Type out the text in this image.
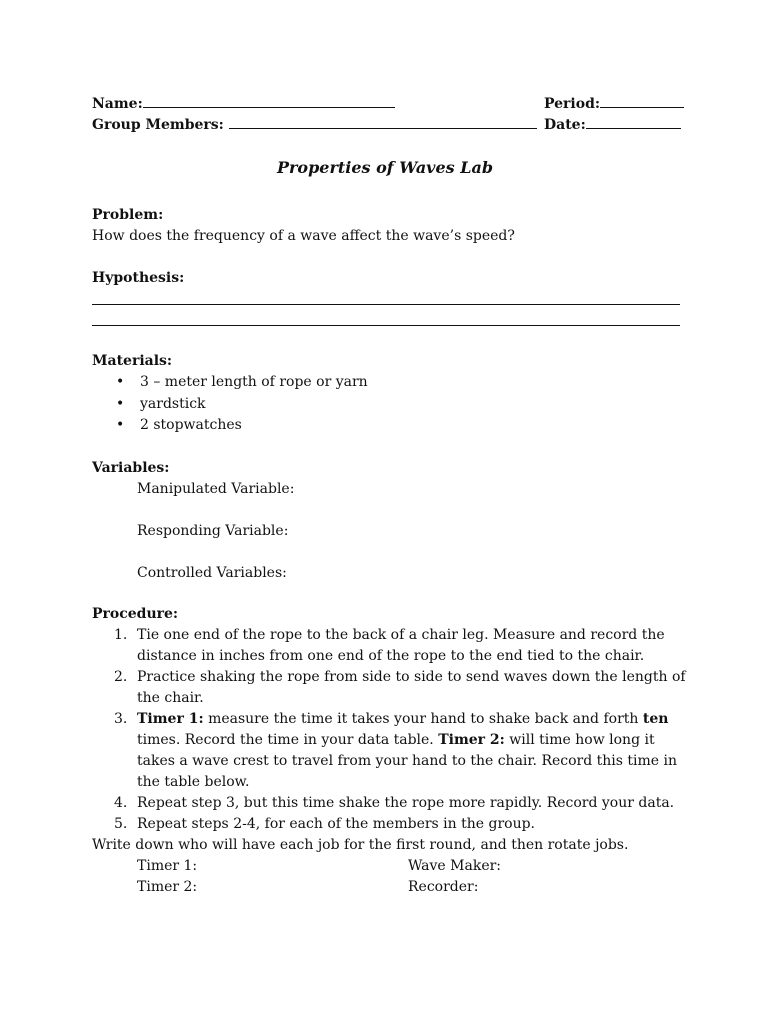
Name:	Period:
Group Members:	Date:
Properties of Waves Lab
Problem:
How does the frequency of a wave affect the wave’s speed?
Hypothesis:
Materials:
• 3 – meter length of rope or yarn
• yardstick
• 2 stopwatches
Variables:
Manipulated Variable:
Responding Variable:
Controlled Variables:
Procedure:
1. Tie one end of the rope to the back of a chair leg. Measure and record the distance in inches from one end of the rope to the end tied to the chair.
2. Practice shaking the rope from side to side to send waves down the length of the chair.
3. Timer 1: measure the time it takes your hand to shake back and forth ten times. Record the time in your data table. Timer 2: will time how long it takes a wave crest to travel from your hand to the chair. Record this time in the table below.
4. Repeat step 3, but this time shake the rope more rapidly. Record your data.
5. Repeat steps 2-4, for each of the members in the group.
Write down who will have each job for the first round, and then rotate jobs.
Timer 1:	Wave Maker:
Timer 2:	Recorder:
